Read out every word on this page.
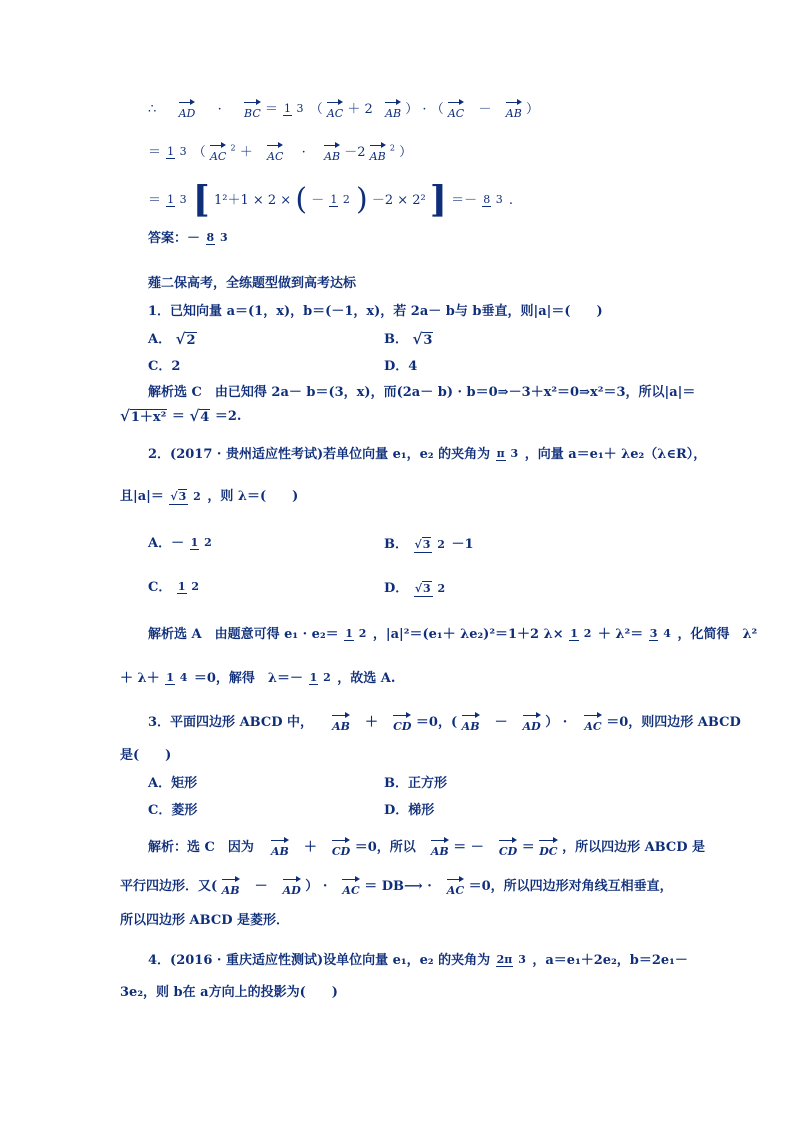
∴ AD · BC ＝ 1 3 （ AC ＋ 2 AB ） · （ AC － AB ）
＝ 1 3 （ AC $^2$ ＋ AC · AB －2 AB $^2$ ）
＝ 1 3 [ 1²＋1 × 2 × ( － 1 2 ) －2 × 2² ] ＝－ 8 3 .
答案：－ 8 3
薤二保高考，全练题型做到高考达标
1．已知向量 a＝(1，x)，b＝(－1，x)，若 2a－ b与 b垂直，则|a|＝(　　)
A． √2	B． √3
C．2	D．4
解析选 C　由已知得 2a－ b＝(3，x)，而(2a－ b) · b＝0⇒－3＋x²＝0⇒x²＝3，所以|a|＝
√1＋x² ＝ √4 ＝2.
2．(2017 · 贵州适应性考试)若单位向量 e₁，e₂ 的夹角为 π 3 ，向量 a＝e₁＋ λe₂（λ∈R），
且|a|＝ √3 2 ，则 λ＝(　　)
A．－ 1 2	B． √3 2 －1
C． 1 2	D． √3 2
解析选 A　由题意可得 e₁ · e₂＝ 1 2 ，|a|²＝(e₁＋ λe₂)²＝1＋2 λ× 1 2 ＋ λ²＝ 3 4 ，化简得　λ²
＋ λ＋ 1 4 ＝0，解得　λ＝－ 1 2 ，故选 A.
3．平面四边形 ABCD 中， AB ＋ CD ＝0，( AB － AD ） · AC ＝0，则四边形 ABCD
是(　　)
A．矩形	B．正方形
C．菱形	D．梯形
解析：选 C　因为 AB ＋ CD ＝0，所以 AB ＝ － CD ＝ DC ，所以四边形 ABCD 是
平行四边形．又( AB － AD ） · AC ＝ DB⟶ · AC ＝0，所以四边形对角线互相垂直，
所以四边形 ABCD 是菱形．
4．(2016 · 重庆适应性测试)设单位向量 e₁，e₂ 的夹角为 2π 3 ，a＝e₁＋2e₂，b＝2e₁－
3e₂，则 b在 a方向上的投影为(　　)
